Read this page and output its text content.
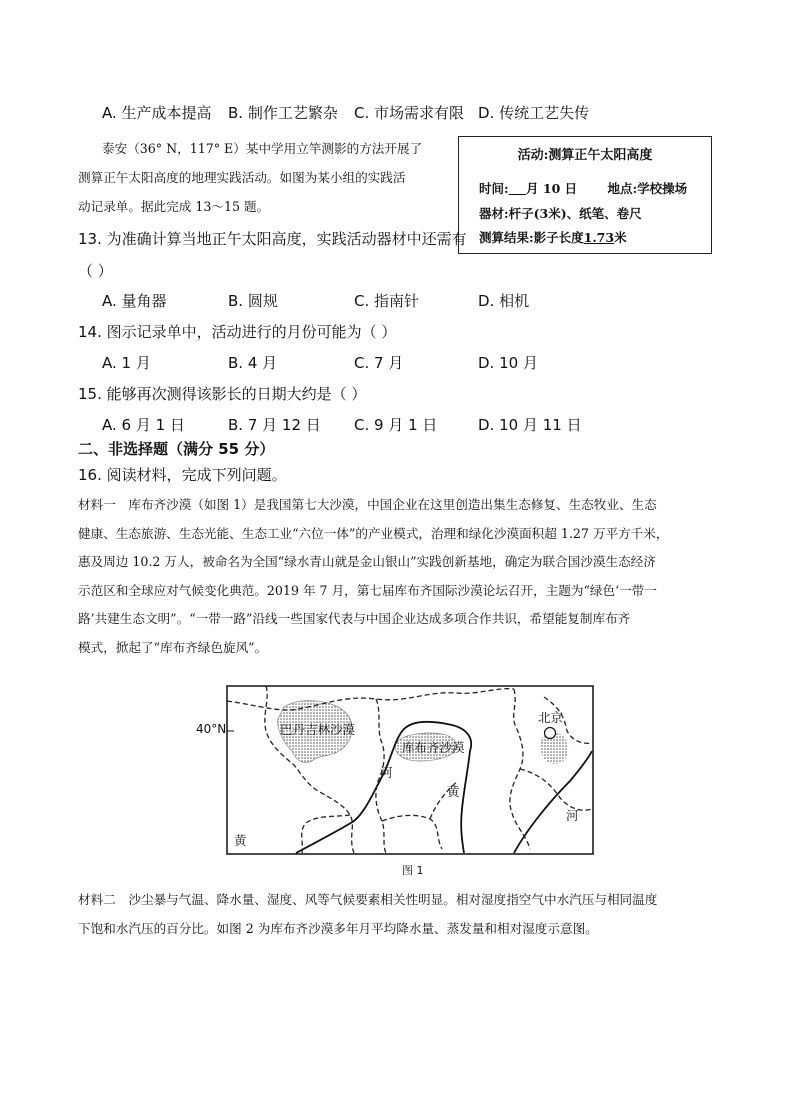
A. 生产成本提高 B. 制作工艺繁杂 C. 市场需求有限 D. 传统工艺失传
泰安（36° N，117° E）某中学用立竿测影的方法开展了
测算正午太阳高度的地理实践活动。如图为某小组的实践活
动记录单。据此完成 13～15 题。
活动:测算正午太阳高度
时间: 月 10 日 地点:学校操场
器材:杆子(3米)、纸笔、卷尺
测算结果:影子长度1.73米
13. 为准确计算当地正午太阳高度，实践活动器材中还需有
（ ）
A. 量角器	B. 圆规	C. 指南针	D. 相机
14. 图示记录单中，活动进行的月份可能为（ ）
A. 1 月	B. 4 月	C. 7 月	D. 10 月
15. 能够再次测得该影长的日期大约是（ ）
A. 6 月 1 日	B. 7 月 12 日 C. 9 月 1 日	D. 10 月 11 日
二、非选择题（满分 55 分）
16. 阅读材料，完成下列问题。

材料一　库布齐沙漠（如图 1）是我国第七大沙漠，中国企业在这里创造出集生态修复、生态牧业、生态

健康、生态旅游、生态光能、生态工业“六位一体”的产业模式，治理和绿化沙漠面积超 1.27 万平方千米，

惠及周边 10.2 万人，被命名为全国“绿水青山就是金山银山”实践创新基地，确定为联合国沙漠生态经济

示范区和全球应对气候变化典范。2019 年 7 月，第七届库布齐国际沙漠论坛召开，主题为“绿色‘一带一

路’共建生态文明”。“一带一路”沿线一些国家代表与中国企业达成多项合作共识，希望能复制库布齐

模式，掀起了“库布齐绿色旋风”。

40°N	巴丹吉林沙漠
库布齐沙漠
北京
河
黄
河
黄
图 1

材料二　沙尘暴与气温、降水量、湿度、风等气候要素相关性明显。相对湿度指空气中水汽压与相同温度

下饱和水汽压的百分比。如图 2 为库布齐沙漠多年月平均降水量、蒸发量和相对湿度示意图。
